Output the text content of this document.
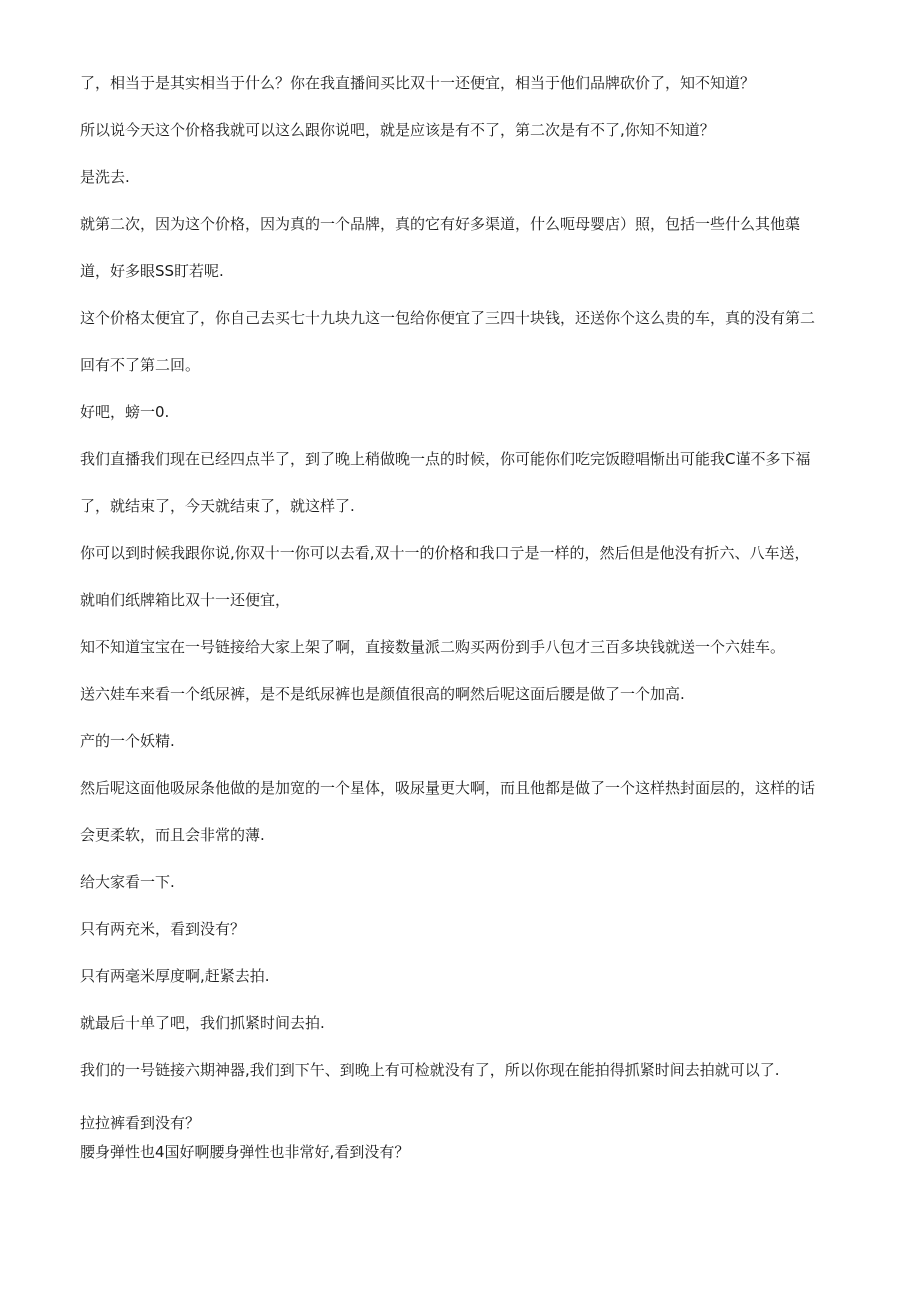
了，相当于是其实相当于什么？你在我直播间买比双十一还便宜，相当于他们品牌砍价了，知不知道？
所以说今天这个价格我就可以这么跟你说吧，就是应该是有不了，第二次是有不了,你知不知道？
是洗去.
就第二次，因为这个价格，因为真的一个品牌，真的它有好多渠道，什么呃母婴店）照，包括一些什么其他蕖
道，好多眼SS盯若呢.
这个价格太便宜了，你自己去买七十九块九这一包给你便宜了三四十块钱，还送你个这么贵的车，真的没有第二
回有不了第二回。
好吧，螃一0.
我们直播我们现在已经四点半了，到了晚上稍做晚一点的时候，你可能你们吃完饭瞪唱惭出可能我C谨不多下福
了，就结束了，今天就结束了，就这样了.
你可以到时候我跟你说,你双十一你可以去看,双十一的价格和我口亍是一样的，然后但是他没有折六、八车送，
就咱们纸牌箱比双十一还便宜，
知不知道宝宝在一号链接给大家上架了啊，直接数量派二购买两份到手八包才三百多块钱就送一个六娃车。
送六娃车来看一个纸尿裤，是不是纸尿裤也是颜值很高的啊然后呢这面后腰是做了一个加高.
产的一个妖精.
然后呢这面他吸尿条他做的是加宽的一个星体，吸尿量更大啊，而且他都是做了一个这样热封面层的，这样的话
会更柔软，而且会非常的薄.
给大家看一下.
只有两充米，看到没有？
只有两毫米厚度啊,赶紧去拍.
就最后十单了吧，我们抓紧时间去拍.
我们的一号链接六期神器,我们到下午、到晚上有可检就没有了，所以你现在能拍得抓紧时间去拍就可以了.
拉拉裤看到没有？
腰身弹性也4国好啊腰身弹性也非常好,看到没有？
